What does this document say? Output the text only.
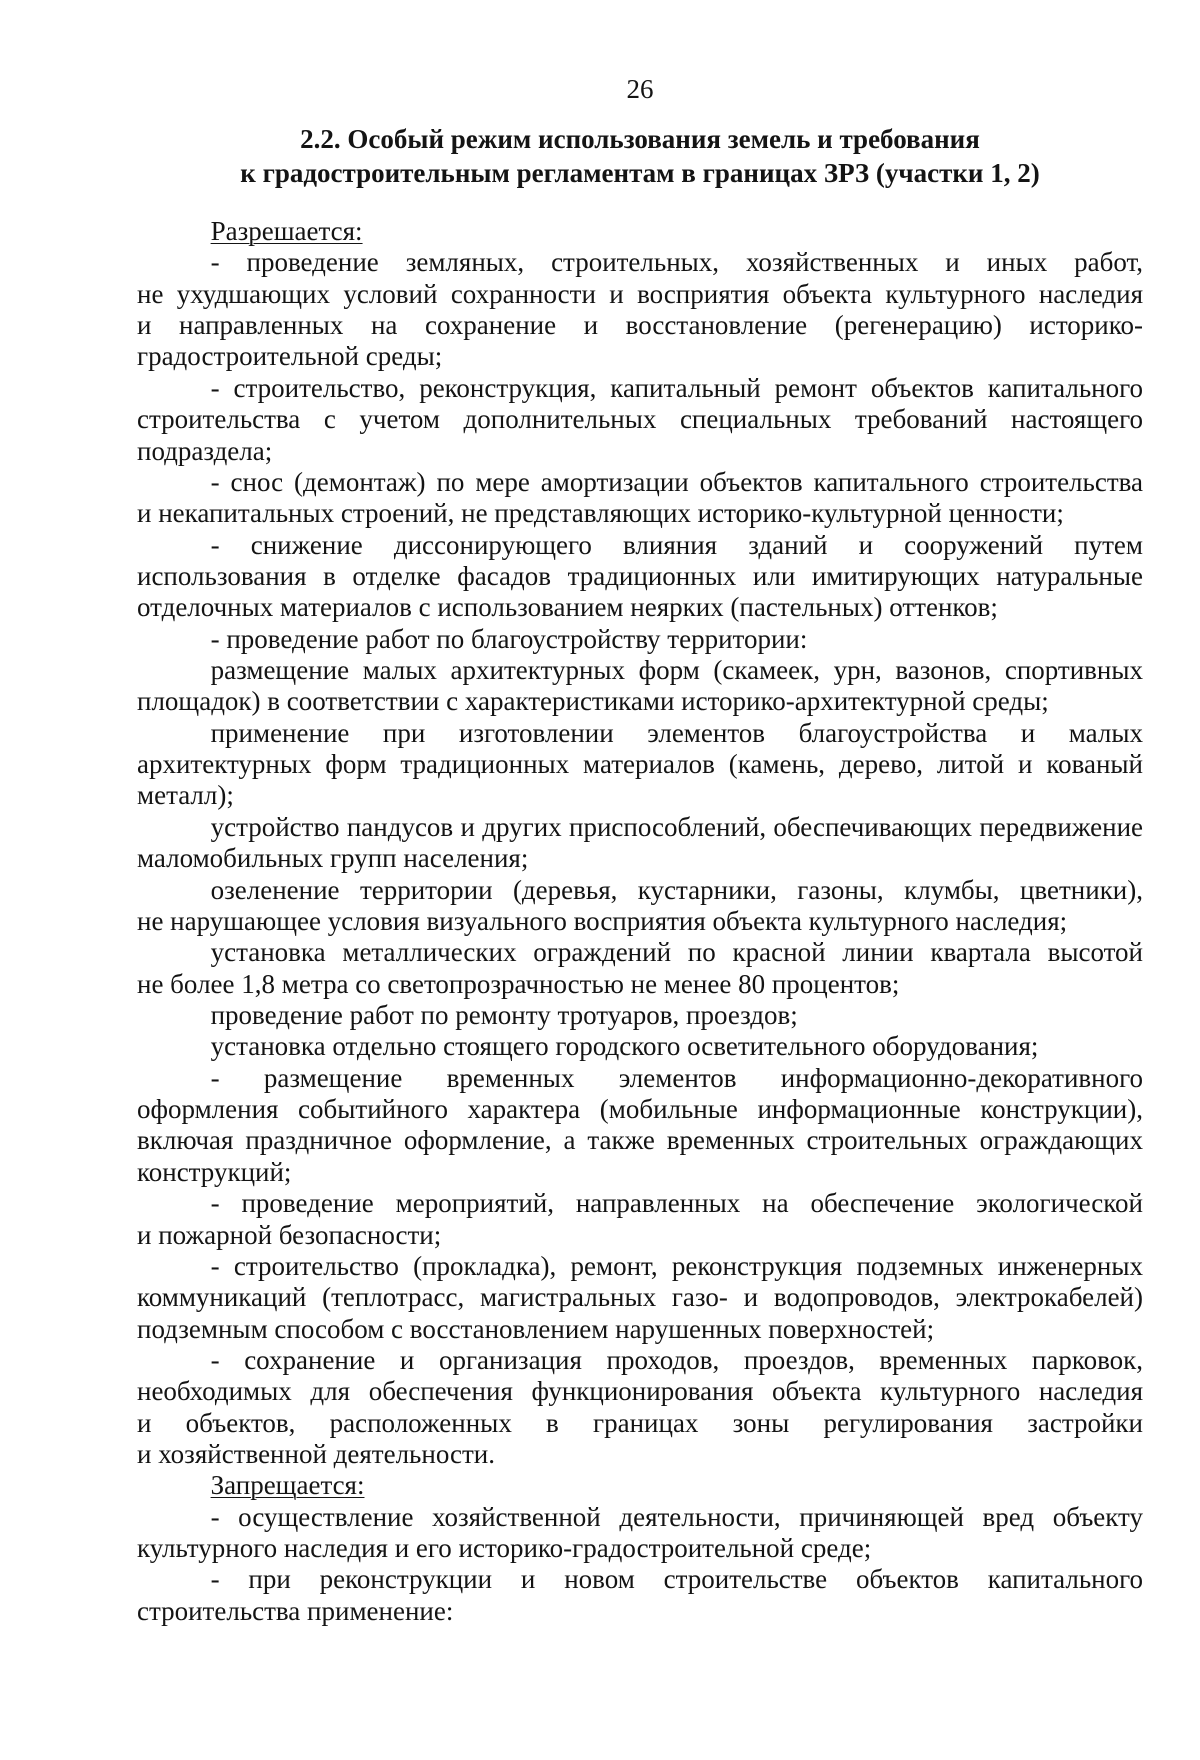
26
2.2. Особый режим использования земель и требования
к градостроительным регламентам в границах ЗРЗ (участки 1, 2)
Разрешается:
- проведение земляных, строительных, хозяйственных и иных работ,
не ухудшающих условий сохранности и восприятия объекта культурного наследия
и направленных на сохранение и восстановление (регенерацию) историко-
градостроительной среды;
- строительство, реконструкция, капитальный ремонт объектов капитального
строительства с учетом дополнительных специальных требований настоящего
подраздела;
- снос (демонтаж) по мере амортизации объектов капитального строительства
и некапитальных строений, не представляющих историко-культурной ценности;
- снижение диссонирующего влияния зданий и сооружений путем
использования в отделке фасадов традиционных или имитирующих натуральные
отделочных материалов с использованием неярких (пастельных) оттенков;
- проведение работ по благоустройству территории:
размещение малых архитектурных форм (скамеек, урн, вазонов, спортивных
площадок) в соответствии с характеристиками историко-архитектурной среды;
применение при изготовлении элементов благоустройства и малых
архитектурных форм традиционных материалов (камень, дерево, литой и кованый
металл);
устройство пандусов и других приспособлений, обеспечивающих передвижение
маломобильных групп населения;
озеленение территории (деревья, кустарники, газоны, клумбы, цветники),
не нарушающее условия визуального восприятия объекта культурного наследия;
установка металлических ограждений по красной линии квартала высотой
не более 1,8 метра со светопрозрачностью не менее 80 процентов;
проведение работ по ремонту тротуаров, проездов;
установка отдельно стоящего городского осветительного оборудования;
- размещение временных элементов информационно-декоративного
оформления событийного характера (мобильные информационные конструкции),
включая праздничное оформление, а также временных строительных ограждающих
конструкций;
- проведение мероприятий, направленных на обеспечение экологической
и пожарной безопасности;
- строительство (прокладка), ремонт, реконструкция подземных инженерных
коммуникаций (теплотрасс, магистральных газо- и водопроводов, электрокабелей)
подземным способом с восстановлением нарушенных поверхностей;
- сохранение и организация проходов, проездов, временных парковок,
необходимых для обеспечения функционирования объекта культурного наследия
и объектов, расположенных в границах зоны регулирования застройки
и хозяйственной деятельности.
Запрещается:
- осуществление хозяйственной деятельности, причиняющей вред объекту
культурного наследия и его историко-градостроительной среде;
- при реконструкции и новом строительстве объектов капитального
строительства применение:
